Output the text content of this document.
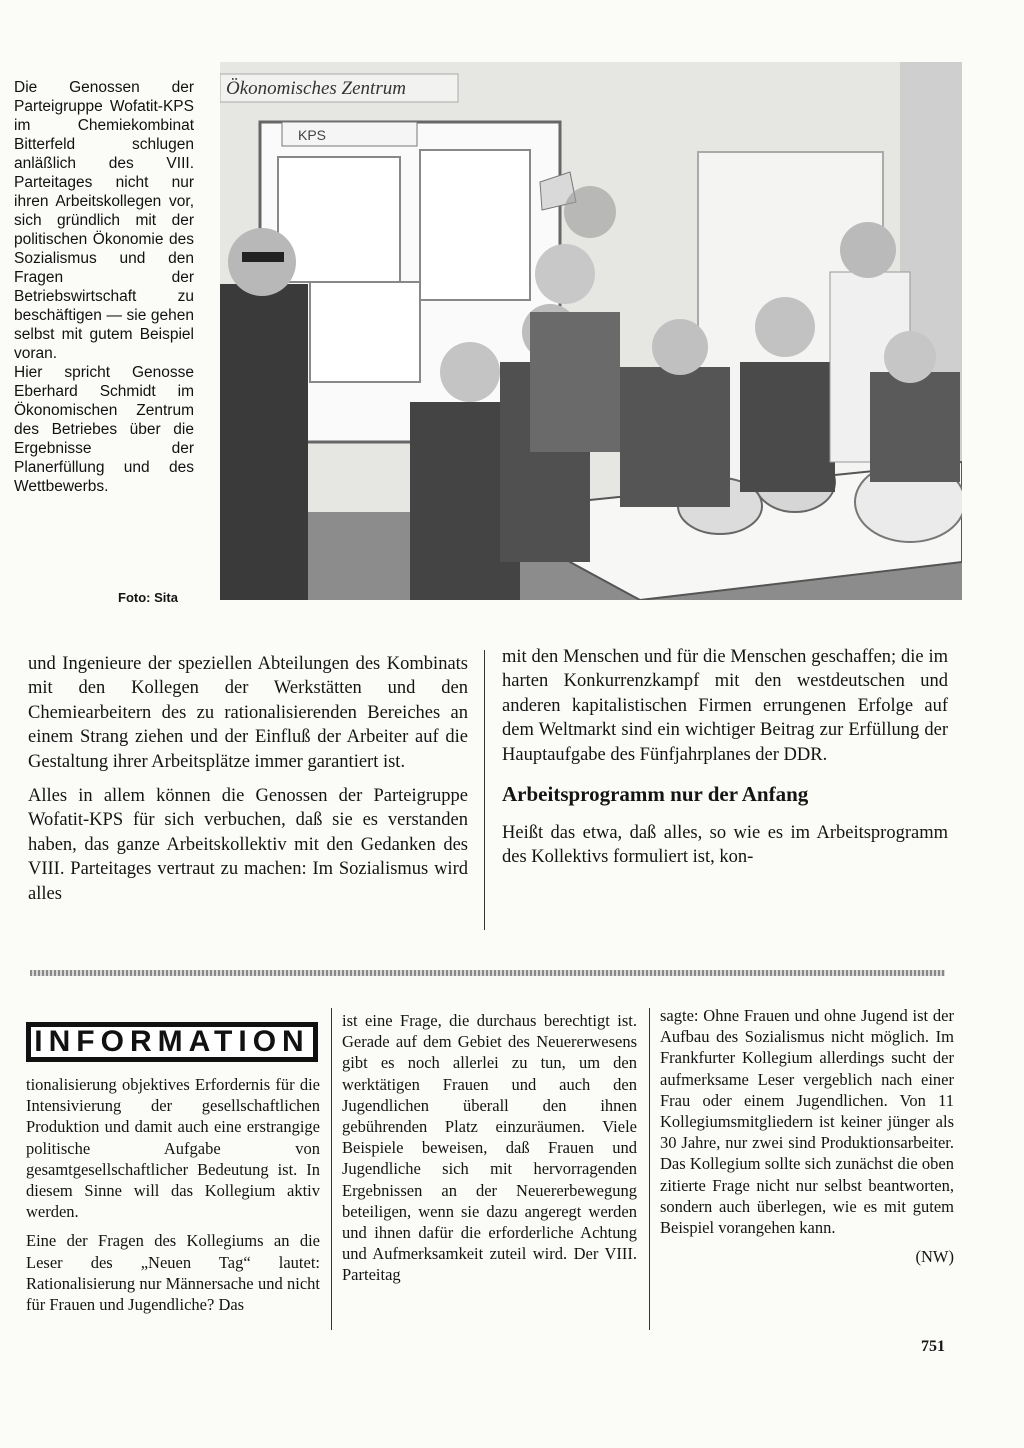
Die Genossen der Parteigruppe Wofatit-KPS im Chemiekombinat Bitterfeld schlugen anläßlich des VIII. Parteitages nicht nur ihren Arbeitskollegen vor, sich gründlich mit der politischen Ökonomie des Sozialismus und den Fragen der Betriebswirtschaft zu beschäftigen — sie gehen selbst mit gutem Beispiel voran.

Hier spricht Genosse Eberhard Schmidt im Ökonomischen Zentrum des Betriebes über die Ergebnisse der Planerfüllung und des Wettbewerbs.

Foto: Sita
KPS
Ökonomisches Zentrum

und Ingenieure der speziellen Abteilungen des Kombinats mit den Kollegen der Werkstätten und den Chemiearbeitern des zu rationalisierenden Bereiches an einem Strang ziehen und der Einfluß der Arbeiter auf die Gestaltung ihrer Arbeitsplätze immer garantiert ist.

Alles in allem können die Genossen der Parteigruppe Wofatit-KPS für sich verbuchen, daß sie es verstanden haben, das ganze Arbeitskollektiv mit den Gedanken des VIII. Parteitages vertraut zu machen: Im Sozialismus wird alles

mit den Menschen und für die Menschen geschaffen; die im harten Konkurrenzkampf mit den westdeutschen und anderen kapitalistischen Firmen errungenen Erfolge auf dem Weltmarkt sind ein wichtiger Beitrag zur Erfüllung der Hauptaufgabe des Fünfjahrplanes der DDR.

Arbeitsprogramm nur der Anfang

Heißt das etwa, daß alles, so wie es im Arbeitsprogramm des Kollektivs formuliert ist, kon-

INFORMATION

tionalisierung objektives Erfordernis für die Intensivierung der gesellschaftlichen Produktion und damit auch eine erstrangige politische Aufgabe von gesamtgesellschaftlicher Bedeutung ist. In diesem Sinne will das Kollegium aktiv werden.

Eine der Fragen des Kollegiums an die Leser des „Neuen Tag“ lautet: Rationalisierung nur Männersache und nicht für Frauen und Jugendliche? Das

ist eine Frage, die durchaus berechtigt ist. Gerade auf dem Gebiet des Neuererwesens gibt es noch allerlei zu tun, um den werktätigen Frauen und auch den Jugendlichen überall den ihnen gebührenden Platz einzuräumen. Viele Beispiele beweisen, daß Frauen und Jugendliche sich mit hervorragenden Ergebnissen an der Neuererbewegung beteiligen, wenn sie dazu angeregt werden und ihnen dafür die erforderliche Achtung und Aufmerksamkeit zuteil wird. Der VIII. Parteitag

sagte: Ohne Frauen und ohne Jugend ist der Aufbau des Sozialismus nicht möglich. Im Frankfurter Kollegium allerdings sucht der aufmerksame Leser vergeblich nach einer Frau oder einem Jugendlichen. Von 11 Kollegiumsmitgliedern ist keiner jünger als 30 Jahre, nur zwei sind Produktionsarbeiter. Das Kollegium sollte sich zunächst die oben zitierte Frage nicht nur selbst beantworten, sondern auch überlegen, wie es mit gutem Beispiel vorangehen kann.

(NW)
751
